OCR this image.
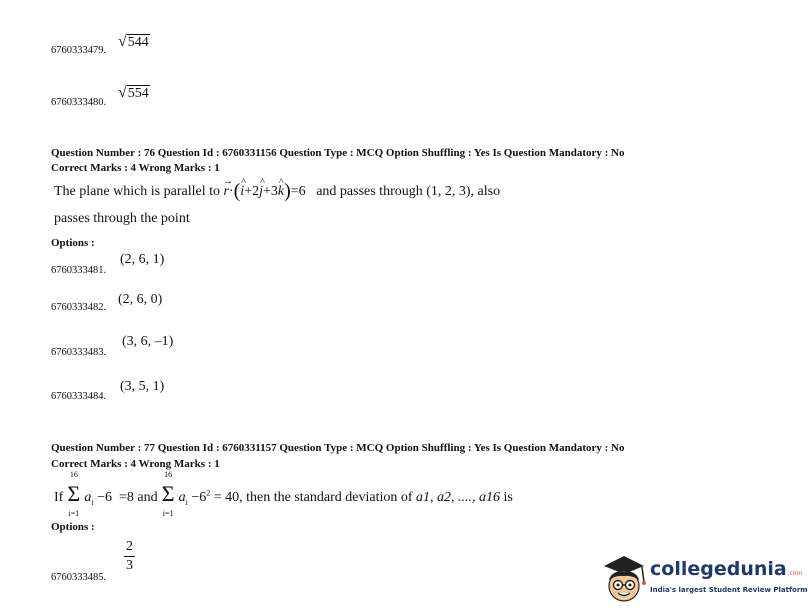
6760333479.
√ 544
6760333480.
√ 554
Question Number : 76 Question Id : 6760331156 Question Type : MCQ Option Shuffling : Yes Is Question Mandatory : No
Correct Marks : 4 Wrong Marks : 1
The plane which is parallel to r →·(i ^+2j ^+3k ^)=6 and passes through (1, 2, 3), also
passes through the point
Options :
6760333481.
(2, 6, 1)
6760333482.
(2, 6, 0)
6760333483.
(3, 6, –1)
6760333484.
(3, 5, 1)
Question Number : 77 Question Id : 6760331157 Question Type : MCQ Option Shuffling : Yes Is Question Mandatory : No
Correct Marks : 4 Wrong Marks : 1
If
16
Σ
i=1
$a_i -6 =8$ and
16
Σ
i=1
$a_i -6^2 = 40$, then the standard deviation of a1, a2, ...., a16 is
Options :
6760333485.
$\frac{2}{3}$	collegedunia.com
India's largest Student Review Platform
